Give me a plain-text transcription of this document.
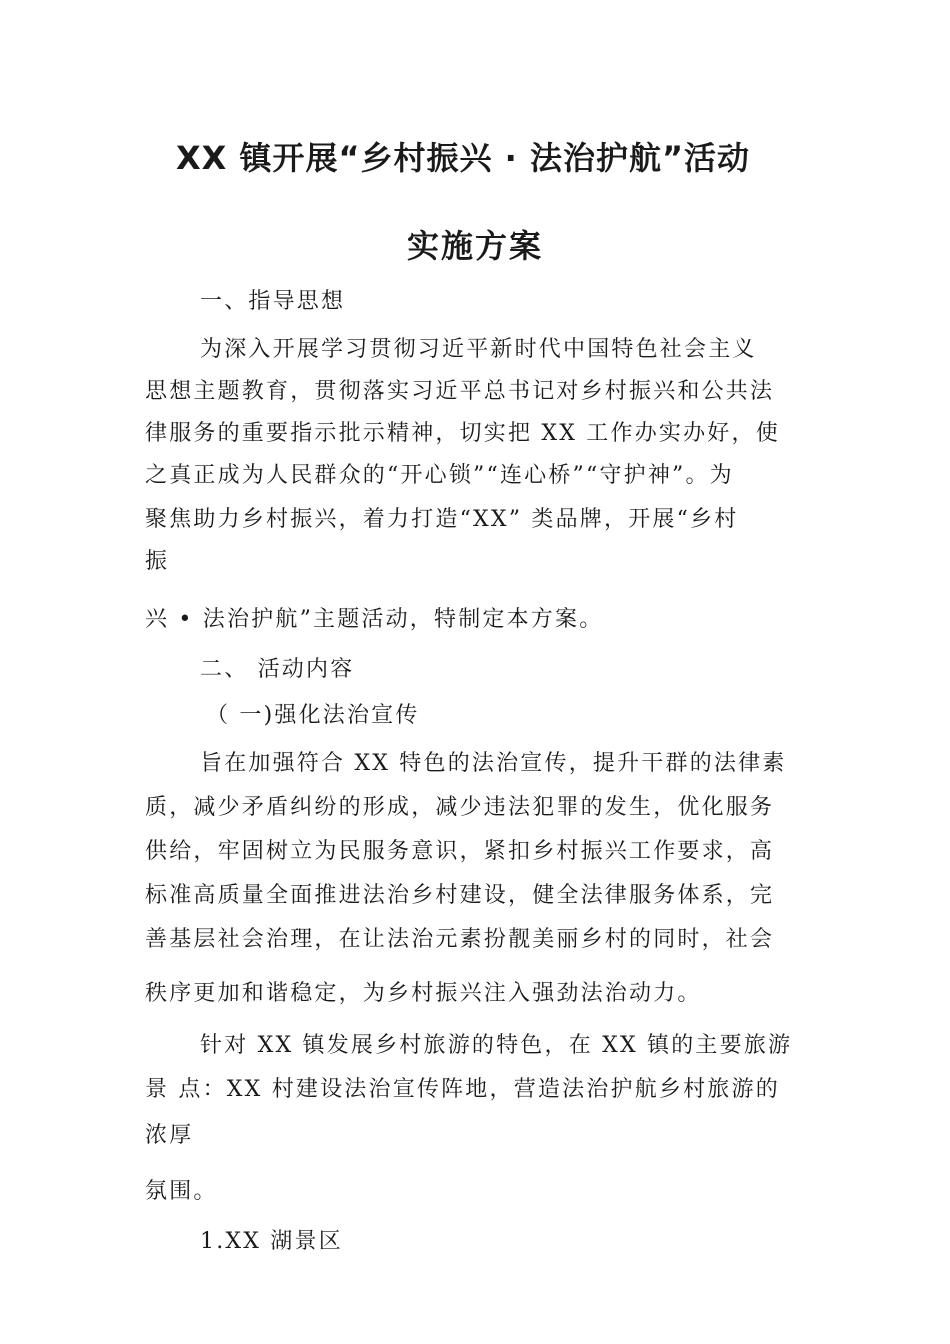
XX 镇开展“乡村振兴 · 法治护航”活动
实施方案

一、指导思想

为深入开展学习贯彻习近平新时代中国特色社会主义

思想主题教育，贯彻落实习近平总书记对乡村振兴和公共法

律服务的重要指示批示精神，切实把 XX 工作办实办好，使

之真正成为人民群众的“开心锁”“连心桥”“守护神”。为

聚焦助力乡村振兴，着力打造“XX” 类品牌，开展“乡村

振

兴 • 法治护航”主题活动，特制定本方案。

二、 活动内容

（ 一)强化法治宣传

旨在加强符合 XX 特色的法治宣传，提升干群的法律素

质，减少矛盾纠纷的形成，减少违法犯罪的发生，优化服务

供给，牢固树立为民服务意识，紧扣乡村振兴工作要求，高

标准高质量全面推进法治乡村建设，健全法律服务体系，完

善基层社会治理，在让法治元素扮靓美丽乡村的同时，社会

秩序更加和谐稳定，为乡村振兴注入强劲法治动力。

针对 XX 镇发展乡村旅游的特色，在 XX 镇的主要旅游

景 点：XX 村建设法治宣传阵地，营造法治护航乡村旅游的

浓厚

氛围。

1.XX 湖景区
